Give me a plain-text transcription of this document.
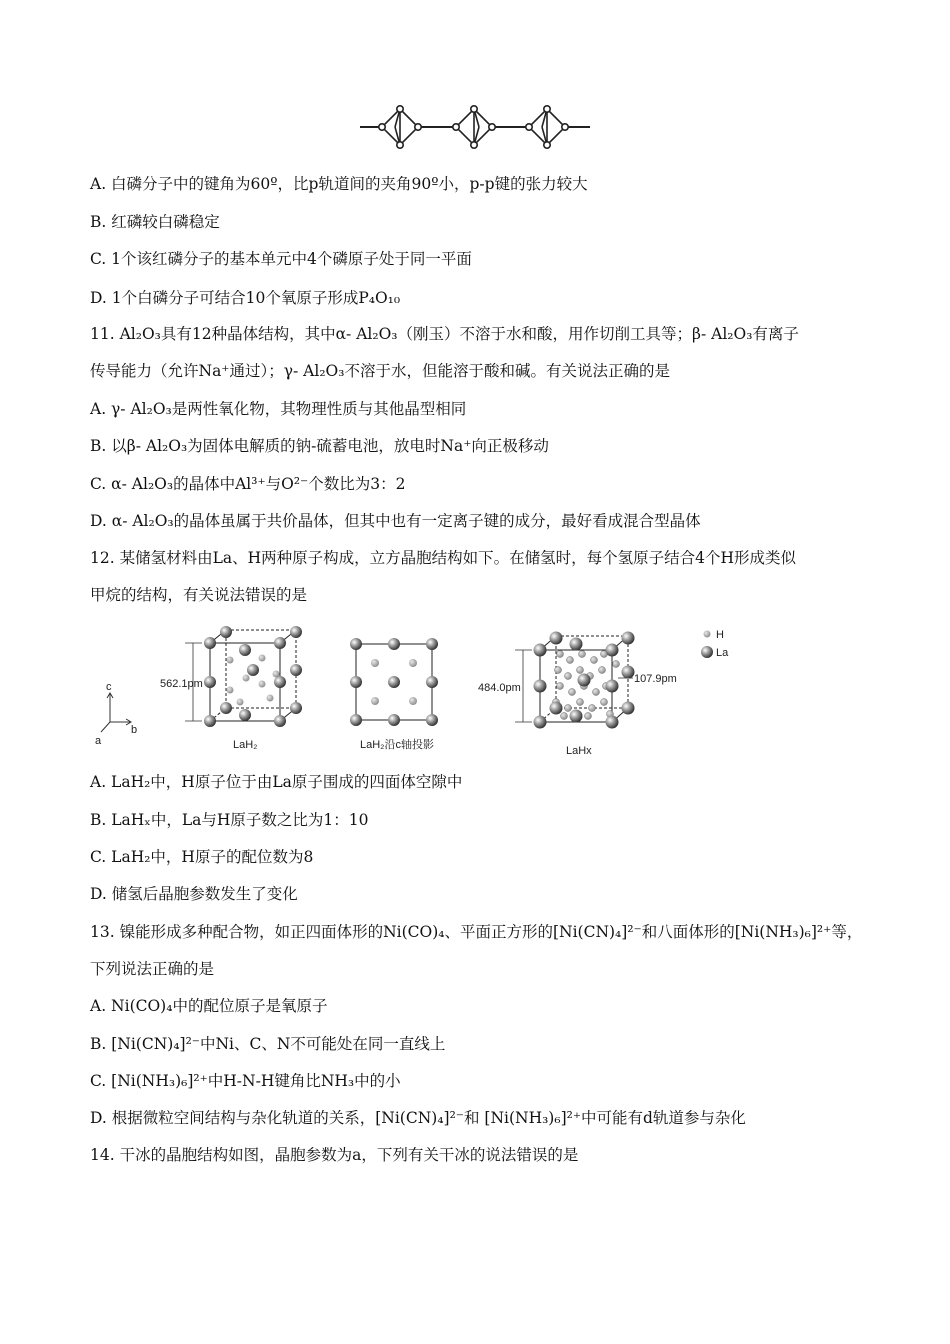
A. 白磷分子中的键角为60º，比p轨道间的夹角90º小，p-p键的张力较大
B. 红磷较白磷稳定
C. 1个该红磷分子的基本单元中4个磷原子处于同一平面
D. 1个白磷分子可结合10个氧原子形成P₄O₁₀
11. Al₂O₃具有12种晶体结构，其中α- Al₂O₃（刚玉）不溶于水和酸，用作切削工具等；β- Al₂O₃有离子
传导能力（允许Na⁺通过）；γ- Al₂O₃不溶于水，但能溶于酸和碱。有关说法正确的是
A. γ- Al₂O₃是两性氧化物，其物理性质与其他晶型相同
B. 以β- Al₂O₃为固体电解质的钠-硫蓄电池，放电时Na⁺向正极移动
C. α- Al₂O₃的晶体中Al³⁺与O²⁻个数比为3：2
D. α- Al₂O₃的晶体虽属于共价晶体，但其中也有一定离子键的成分，最好看成混合型晶体
12. 某储氢材料由La、H两种原子构成，立方晶胞结构如下。在储氢时，每个氢原子结合4个H形成类似
甲烷的结构，有关说法错误的是
c
b
a
562.1pm
LaH₂	LaH₂沿c轴投影
484.0pm
107.9pm
LaHx
H
La
A. LaH₂中，H原子位于由La原子围成的四面体空隙中
B. LaHₓ中，La与H原子数之比为1：10
C. LaH₂中，H原子的配位数为8
D. 储氢后晶胞参数发生了变化
13. 镍能形成多种配合物，如正四面体形的Ni(CO)₄、平面正方形的[Ni(CN)₄]²⁻和八面体形的[Ni(NH₃)₆]²⁺等，
下列说法正确的是
A. Ni(CO)₄中的配位原子是氧原子
B. [Ni(CN)₄]²⁻中Ni、C、N不可能处在同一直线上
C. [Ni(NH₃)₆]²⁺中H-N-H键角比NH₃中的小
D. 根据微粒空间结构与杂化轨道的关系，[Ni(CN)₄]²⁻和 [Ni(NH₃)₆]²⁺中可能有d轨道参与杂化
14. 干冰的晶胞结构如图，晶胞参数为a，下列有关干冰的说法错误的是
